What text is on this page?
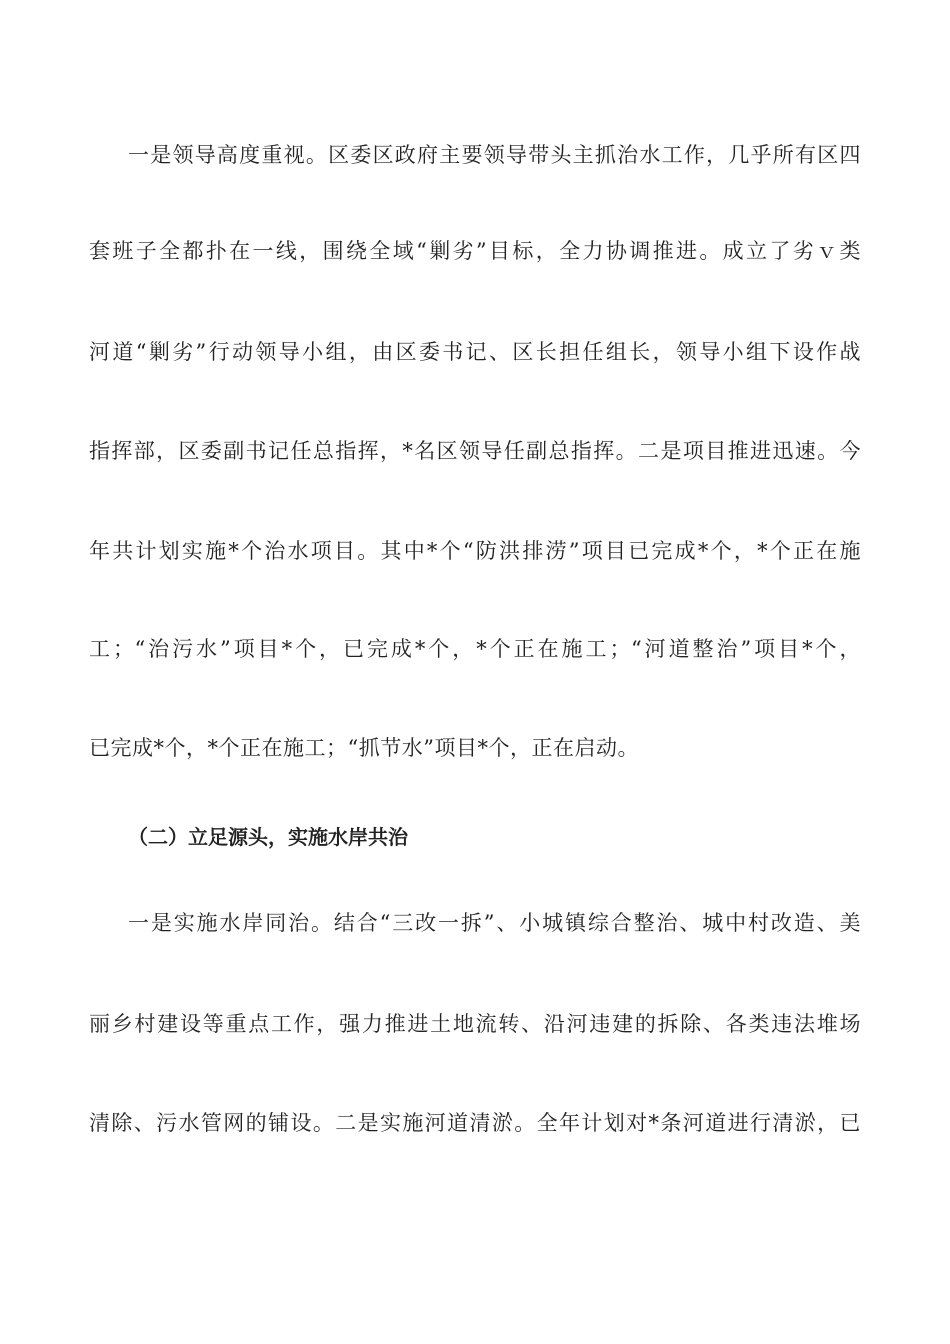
一是领导高度重视。区委区政府主要领导带头主抓治水工作，几乎所有区四
套班子全都扑在一线，围绕全域“剿劣”目标，全力协调推进。成立了劣ｖ类
河道“剿劣”行动领导小组，由区委书记、区长担任组长，领导小组下设作战
指挥部，区委副书记任总指挥，*名区领导任副总指挥。二是项目推进迅速。今
年共计划实施*个治水项目。其中*个“防洪排涝”项目已完成*个，*个正在施
工；“治污水”项目*个，已完成*个，*个正在施工；“河道整治”项目*个，
已完成*个，*个正在施工；“抓节水”项目*个，正在启动。
（二）立足源头，实施水岸共治
一是实施水岸同治。结合“三改一拆”、小城镇综合整治、城中村改造、美
丽乡村建设等重点工作，强力推进土地流转、沿河违建的拆除、各类违法堆场
清除、污水管网的铺设。二是实施河道清淤。全年计划对*条河道进行清淤，已
